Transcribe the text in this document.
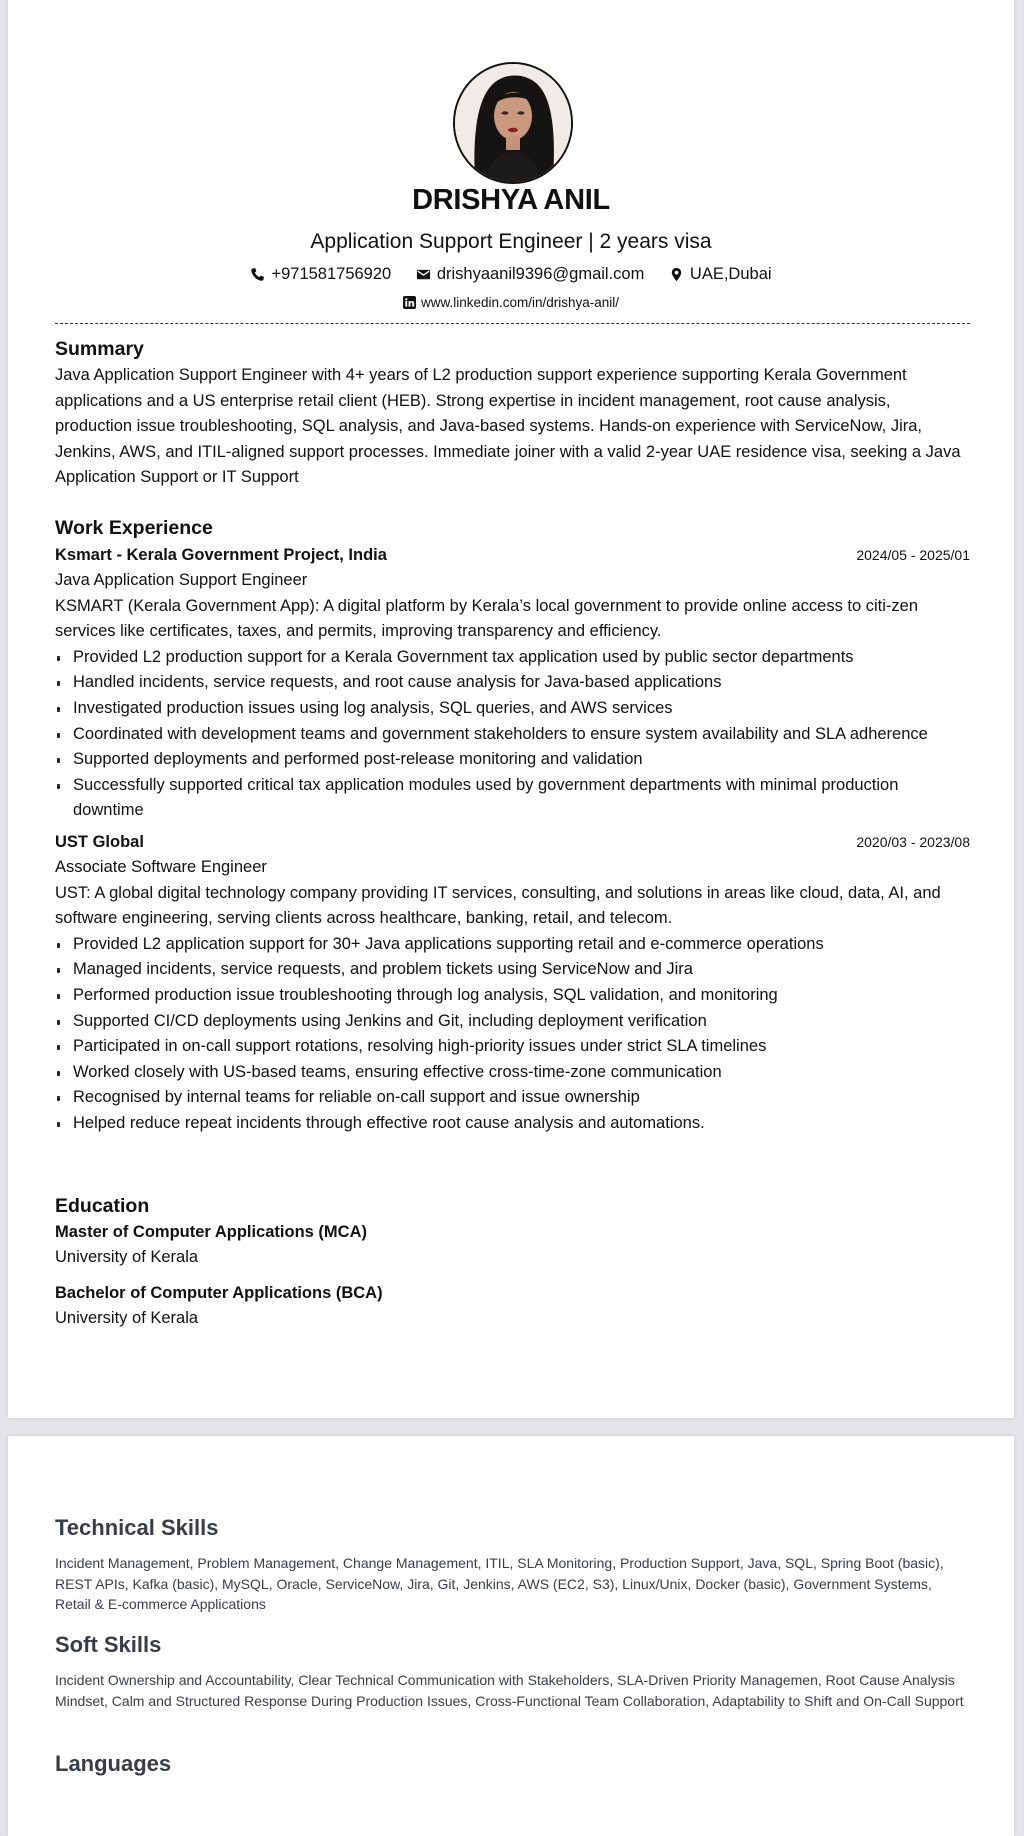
DRISHYA ANIL
Application Support Engineer | 2 years visa
+971581756920
	drishyaanil9396@gmail.com
	UAE,Dubai
www.linkedin.com/in/drishya-anil/
Summary

Java Application Support Engineer with 4+ years of L2 production support experience supporting Kerala Government applications and a US enterprise retail client (HEB). Strong expertise in incident management, root cause analysis, production issue troubleshooting, SQL analysis, and Java-based systems. Hands-on experience with ServiceNow, Jira, Jenkins, AWS, and ITIL-aligned support processes. Immediate joiner with a valid 2-year UAE residence visa, seeking a Java Application Support or IT Support

Work Experience
Ksmart - Kerala Government Project, India	2024/05 - 2025/01
Java Application Support Engineer

KSMART (Kerala Government App): A digital platform by Kerala’s local government to provide online access to citi-zen services like certificates, taxes, and permits, improving transparency and efficiency.

Provided L2 production support for a Kerala Government tax application used by public sector departments
Handled incidents, service requests, and root cause analysis for Java-based applications
Investigated production issues using log analysis, SQL queries, and AWS services
Coordinated with development teams and government stakeholders to ensure system availability and SLA adherence
Supported deployments and performed post-release monitoring and validation
Successfully supported critical tax application modules used by government departments with minimal production downtime
UST Global	2020/03 - 2023/08
Associate Software Engineer

UST: A global digital technology company providing IT services, consulting, and solutions in areas like cloud, data, AI, and software engineering, serving clients across healthcare, banking, retail, and telecom.

Provided L2 application support for 30+ Java applications supporting retail and e-commerce operations
Managed incidents, service requests, and problem tickets using ServiceNow and Jira
Performed production issue troubleshooting through log analysis, SQL validation, and monitoring
Supported CI/CD deployments using Jenkins and Git, including deployment verification
Participated in on-call support rotations, resolving high-priority issues under strict SLA timelines
Worked closely with US-based teams, ensuring effective cross-time-zone communication
Recognised by internal teams for reliable on-call support and issue ownership
Helped reduce repeat incidents through effective root cause analysis and automations.
Education
Master of Computer Applications (MCA)
University of Kerala
Bachelor of Computer Applications (BCA)
University of Kerala
Technical Skills

Incident Management, Problem Management, Change Management, ITIL, SLA Monitoring, Production Support, Java, SQL, Spring Boot (basic), REST APIs, Kafka (basic), MySQL, Oracle, ServiceNow, Jira, Git, Jenkins, AWS (EC2, S3), Linux/Unix, Docker (basic), Government Systems, Retail & E-commerce Applications

Soft Skills

Incident Ownership and Accountability, Clear Technical Communication with Stakeholders, SLA-Driven Priority Managemen, Root Cause Analysis Mindset, Calm and Structured Response During Production Issues, Cross-Functional Team Collaboration, Adaptability to Shift and On-Call Support

Languages
